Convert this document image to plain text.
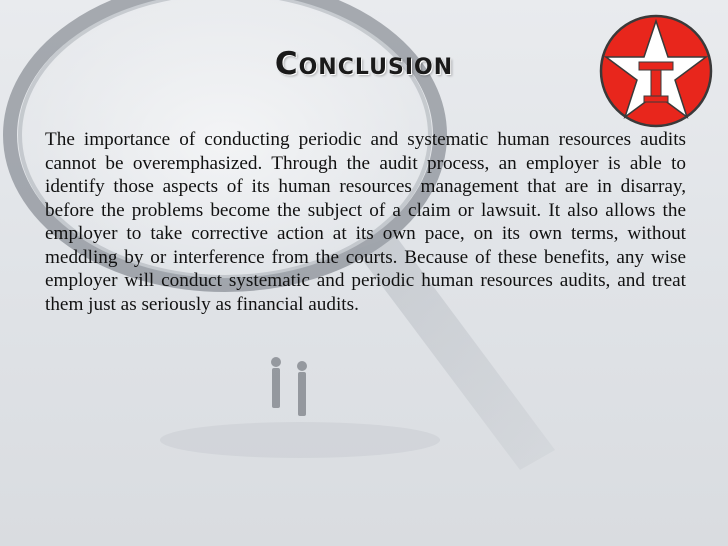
Conclusion

The importance of conducting periodic and systematic human resources audits cannot be overemphasized. Through the audit process, an employer is able to identify those aspects of its human resources management that are in disarray, before the problems become the subject of a claim or lawsuit. It also allows the employer to take corrective action at its own pace, on its own terms, without meddling by or interference from the courts. Because of these benefits, any wise employer will conduct systematic and periodic human resources audits, and treat them just as seriously as financial audits.
